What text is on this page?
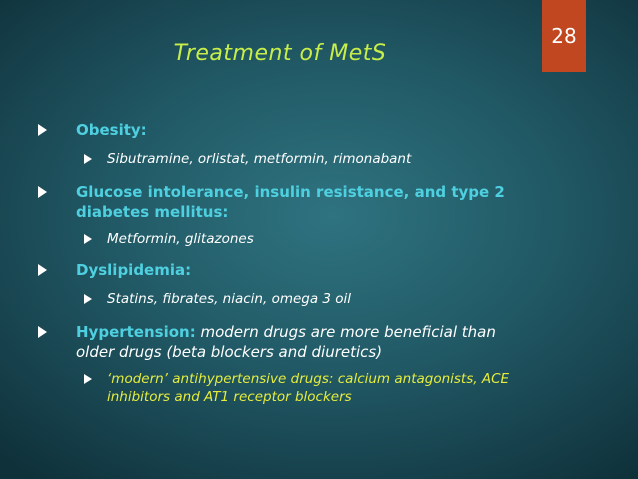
Treatment of MetS
28
Obesity:
Sibutramine, orlistat, metformin, rimonabant
Glucose intolerance, insulin resistance, and type 2
diabetes mellitus:
Metformin, glitazones
Dyslipidemia:
Statins, fibrates, niacin, omega 3 oil
Hypertension: modern drugs are more beneficial than
older drugs (beta blockers and diuretics)
‘modern’ antihypertensive drugs: calcium antagonists, ACE
inhibitors and AT1 receptor blockers
